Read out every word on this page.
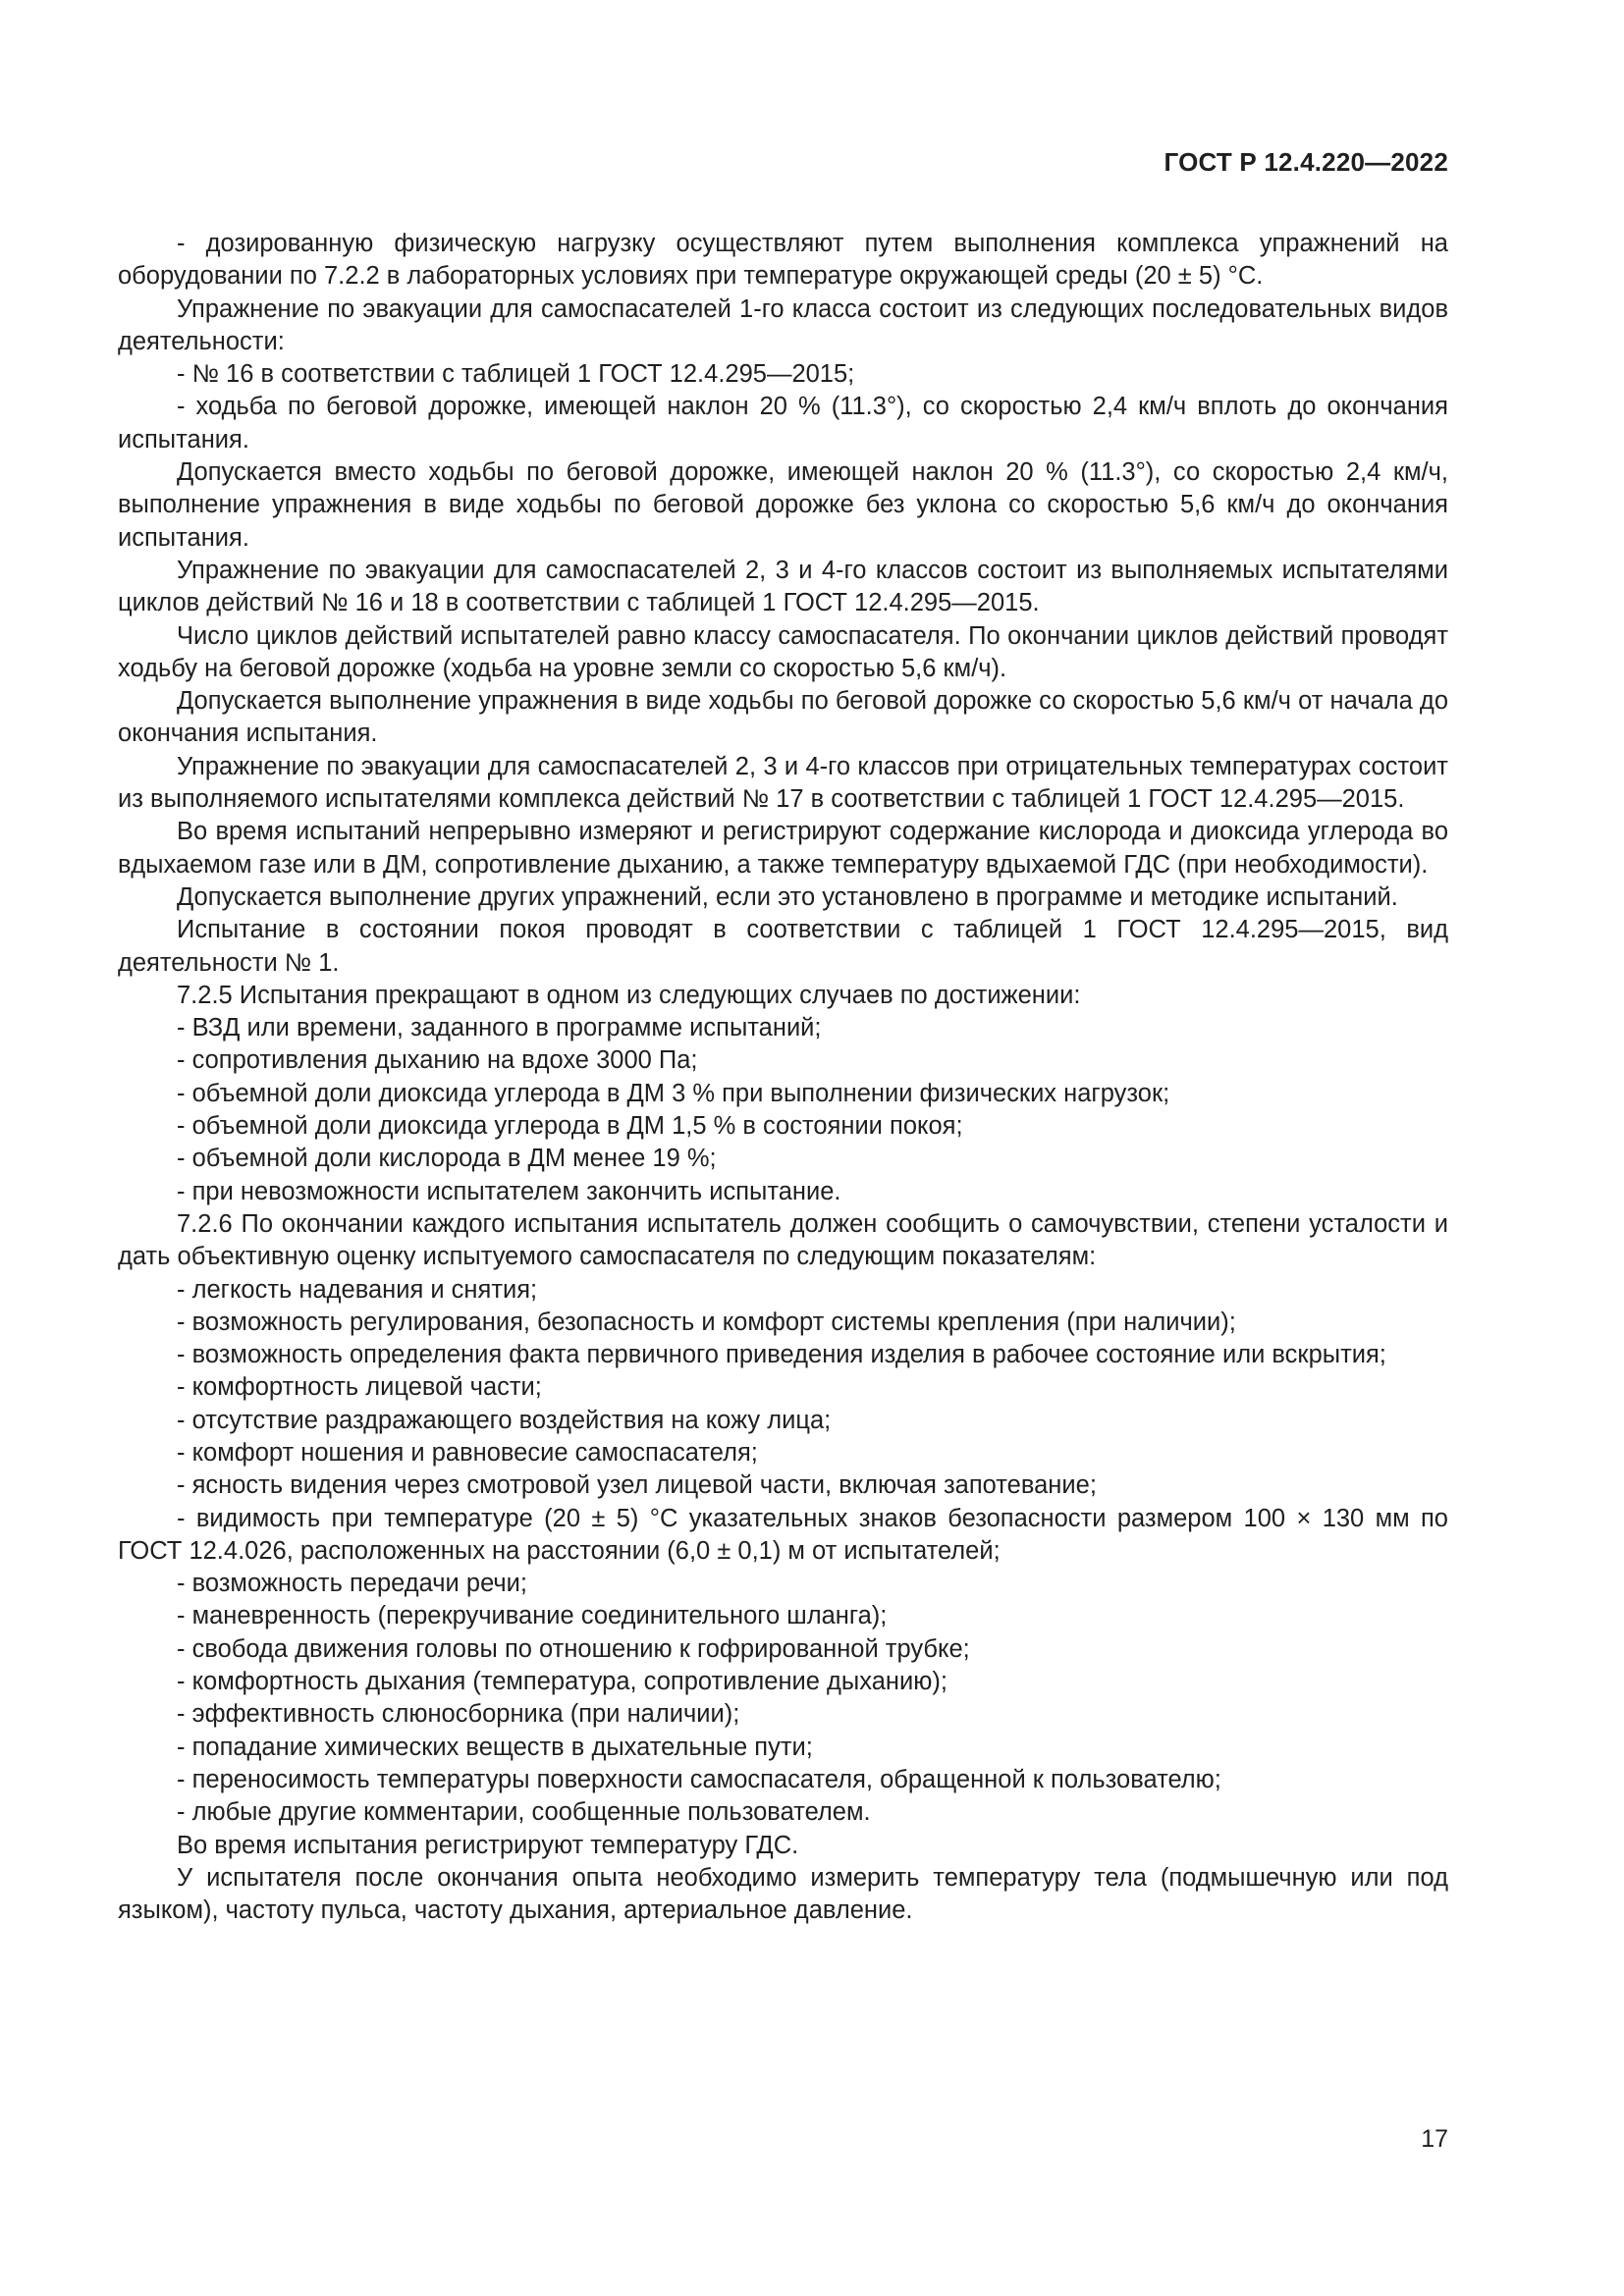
ГОСТ Р 12.4.220—2022

- дозированную физическую нагрузку осуществляют путем выполнения комплекса упражнений на оборудовании по 7.2.2 в лабораторных условиях при температуре окружающей среды (20 ± 5) °С.

Упражнение по эвакуации для самоспасателей 1-го класса состоит из следующих последовательных видов деятельности:

- № 16 в соответствии с таблицей 1 ГОСТ 12.4.295—2015;

- ходьба по беговой дорожке, имеющей наклон 20 % (11.3°), со скоростью 2,4 км/ч вплоть до окончания испытания.

Допускается вместо ходьбы по беговой дорожке, имеющей наклон 20 % (11.3°), со скоростью 2,4 км/ч, выполнение упражнения в виде ходьбы по беговой дорожке без уклона со скоростью 5,6 км/ч до окончания испытания.

Упражнение по эвакуации для самоспасателей 2, 3 и 4-го классов состоит из выполняемых испытателями циклов действий № 16 и 18 в соответствии с таблицей 1 ГОСТ 12.4.295—2015.

Число циклов действий испытателей равно классу самоспасателя. По окончании циклов действий проводят ходьбу на беговой дорожке (ходьба на уровне земли со скоростью 5,6 км/ч).

Допускается выполнение упражнения в виде ходьбы по беговой дорожке со скоростью 5,6 км/ч от начала до окончания испытания.

Упражнение по эвакуации для самоспасателей 2, 3 и 4-го классов при отрицательных температурах состоит из выполняемого испытателями комплекса действий № 17 в соответствии с таблицей 1 ГОСТ 12.4.295—2015.

Во время испытаний непрерывно измеряют и регистрируют содержание кислорода и диоксида углерода во вдыхаемом газе или в ДМ, сопротивление дыханию, а также температуру вдыхаемой ГДС (при необходимости).

Допускается выполнение других упражнений, если это установлено в программе и методике испытаний.

Испытание в состоянии покоя проводят в соответствии с таблицей 1 ГОСТ 12.4.295—2015, вид деятельности № 1.

7.2.5 Испытания прекращают в одном из следующих случаев по достижении:

- ВЗД или времени, заданного в программе испытаний;

- сопротивления дыханию на вдохе 3000 Па;

- объемной доли диоксида углерода в ДМ 3 % при выполнении физических нагрузок;

- объемной доли диоксида углерода в ДМ 1,5 % в состоянии покоя;

- объемной доли кислорода в ДМ менее 19 %;

- при невозможности испытателем закончить испытание.

7.2.6 По окончании каждого испытания испытатель должен сообщить о самочувствии, степени усталости и дать объективную оценку испытуемого самоспасателя по следующим показателям:

- легкость надевания и снятия;

- возможность регулирования, безопасность и комфорт системы крепления (при наличии);

- возможность определения факта первичного приведения изделия в рабочее состояние или вскрытия;

- комфортность лицевой части;

- отсутствие раздражающего воздействия на кожу лица;

- комфорт ношения и равновесие самоспасателя;

- ясность видения через смотровой узел лицевой части, включая запотевание;

- видимость при температуре (20 ± 5) °С указательных знаков безопасности размером 100 × 130 мм по ГОСТ 12.4.026, расположенных на расстоянии (6,0 ± 0,1) м от испытателей;

- возможность передачи речи;

- маневренность (перекручивание соединительного шланга);

- свобода движения головы по отношению к гофрированной трубке;

- комфортность дыхания (температура, сопротивление дыханию);

- эффективность слюносборника (при наличии);

- попадание химических веществ в дыхательные пути;

- переносимость температуры поверхности самоспасателя, обращенной к пользователю;

- любые другие комментарии, сообщенные пользователем.

Во время испытания регистрируют температуру ГДС.

У испытателя после окончания опыта необходимо измерить температуру тела (подмышечную или под языком), частоту пульса, частоту дыхания, артериальное давление.

17
